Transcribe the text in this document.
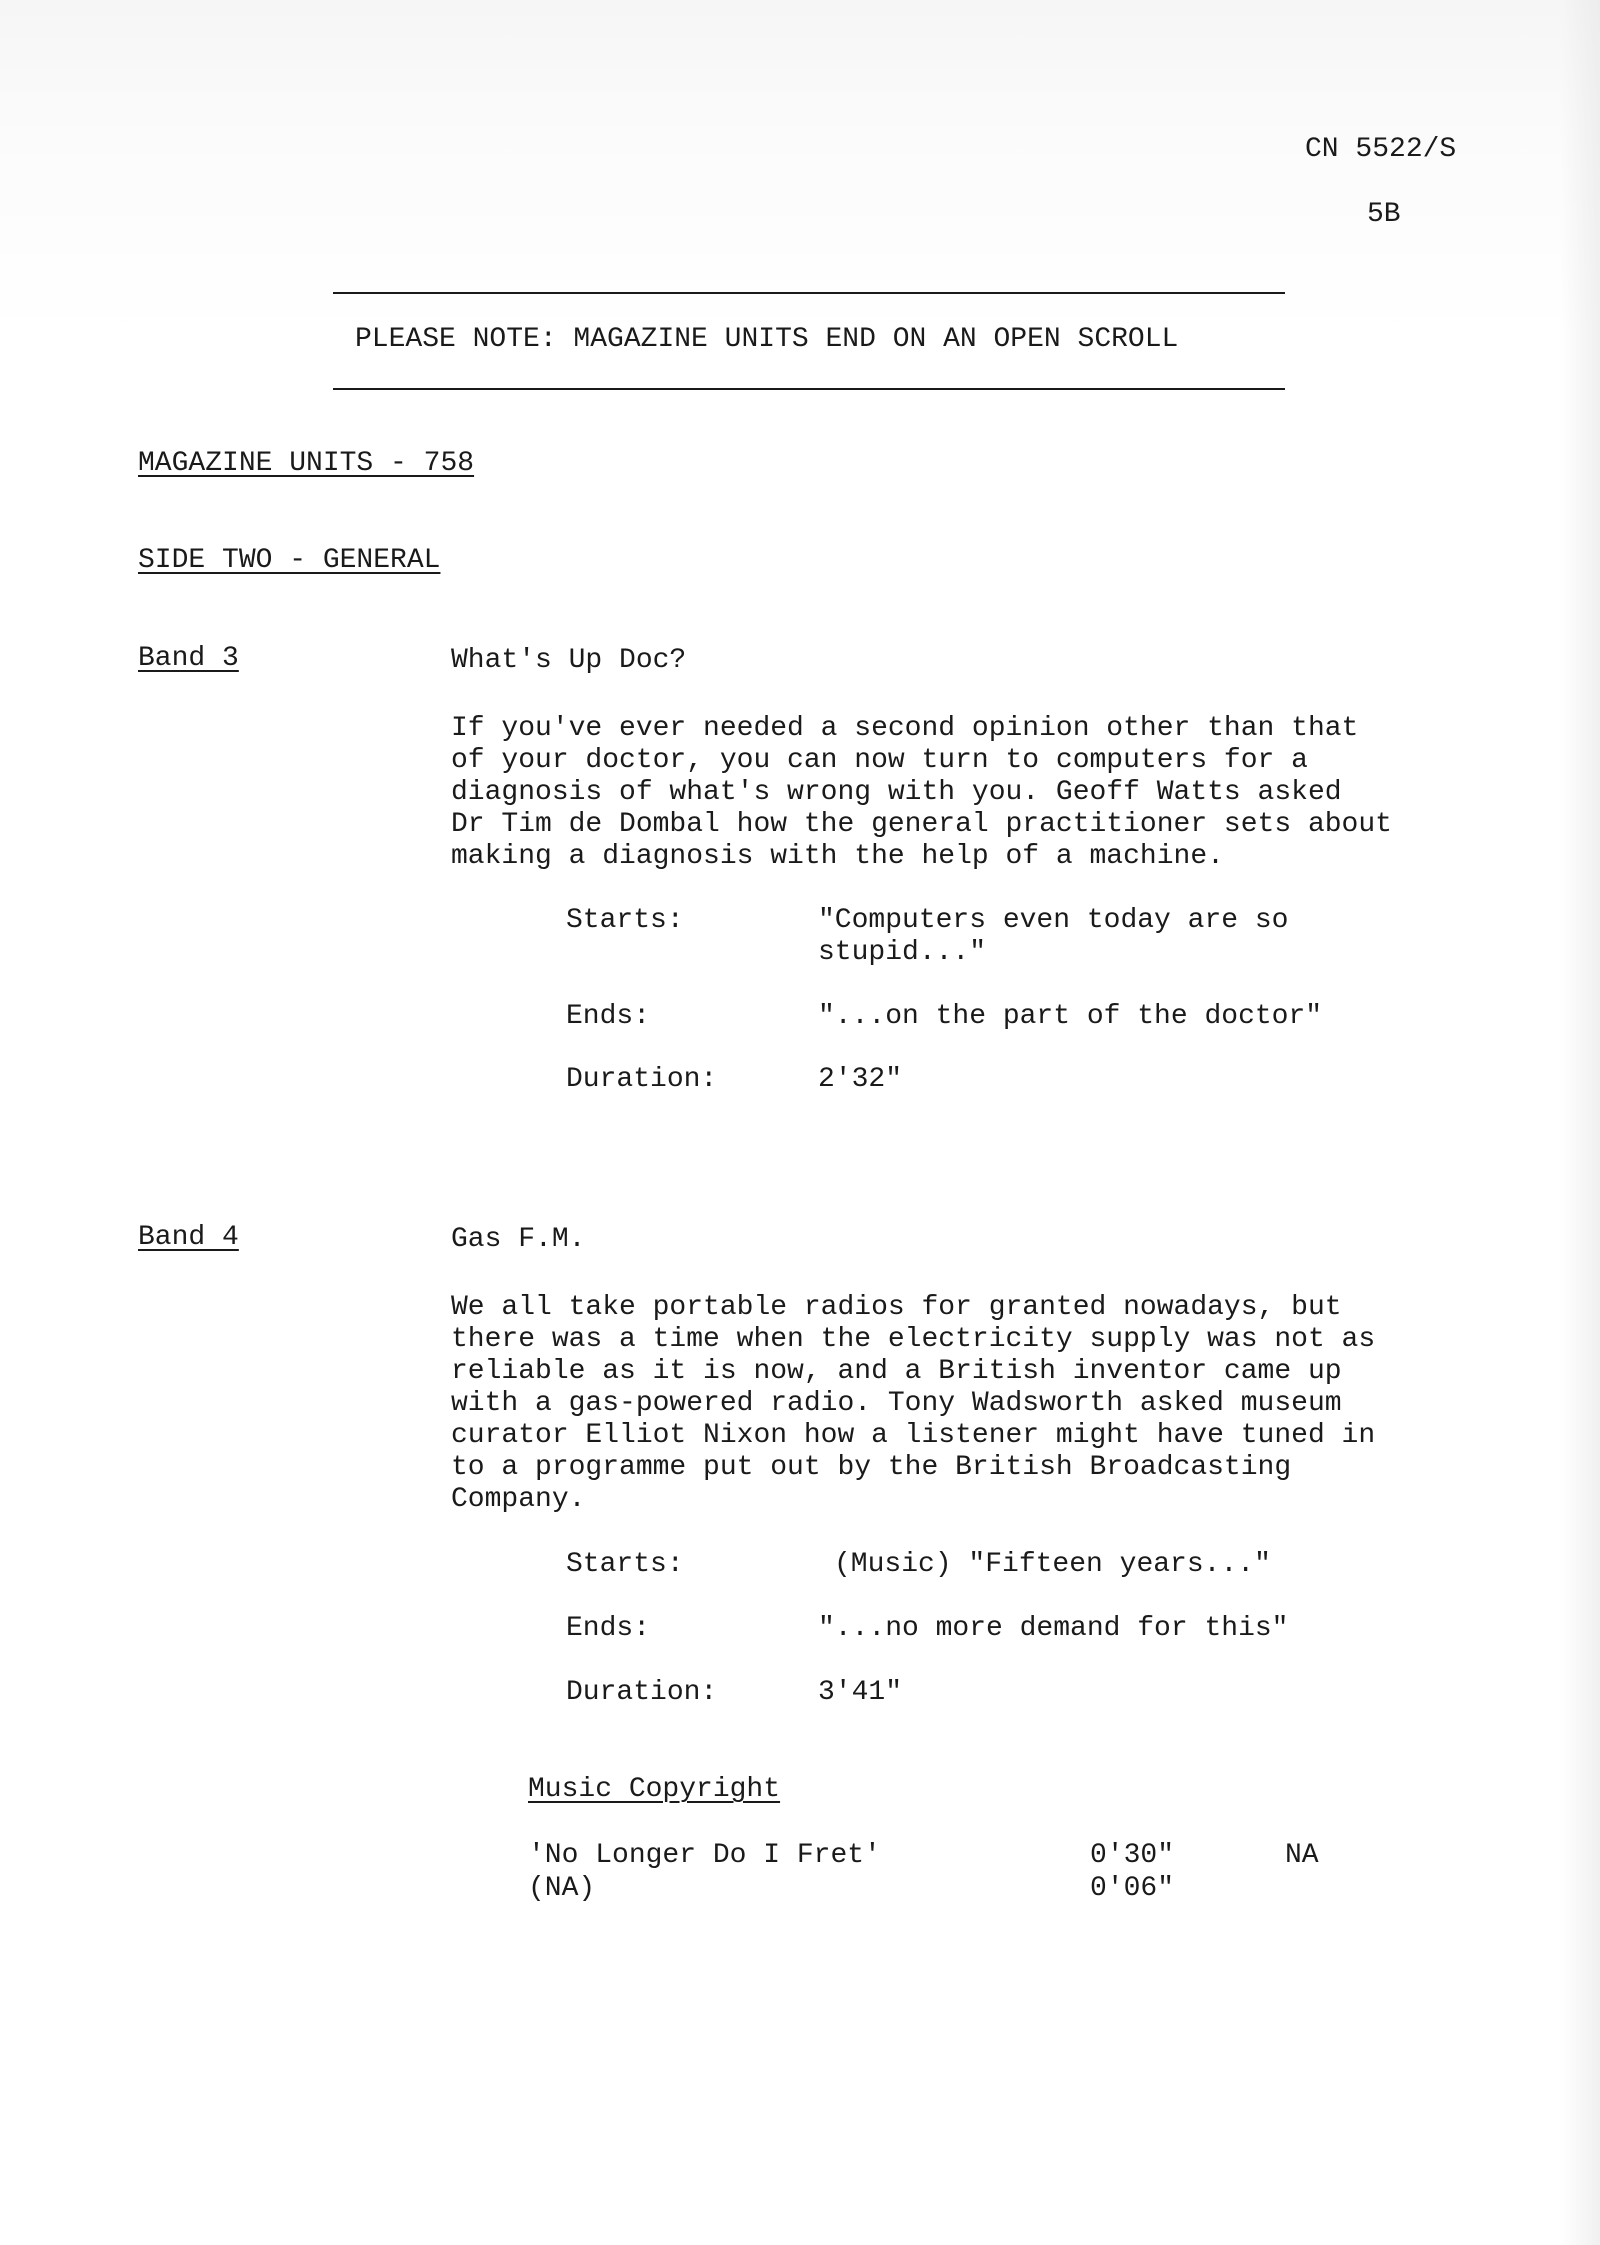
CN 5522/S
5B
PLEASE NOTE: MAGAZINE UNITS END ON AN OPEN SCROLL
MAGAZINE UNITS - 758
SIDE TWO - GENERAL
Band 3	What's Up Doc?
If you've ever needed a second opinion other than that
of your doctor, you can now turn to computers for a
diagnosis of what's wrong with you. Geoff Watts asked
Dr Tim de Dombal how the general practitioner sets about
making a diagnosis with the help of a machine.
Starts:	"Computers even today are so
stupid..."
Ends:	"...on the part of the doctor"
Duration:	2'32"
Band 4	Gas F.M.
We all take portable radios for granted nowadays, but
there was a time when the electricity supply was not as
reliable as it is now, and a British inventor came up
with a gas-powered radio. Tony Wadsworth asked museum
curator Elliot Nixon how a listener might have tuned in
to a programme put out by the British Broadcasting
Company.
Starts:	(Music) "Fifteen years..."
Ends:	"...no more demand for this"
Duration:	3'41"
Music Copyright
'No Longer Do I Fret'	0'30"	NA
(NA)	0'06"
